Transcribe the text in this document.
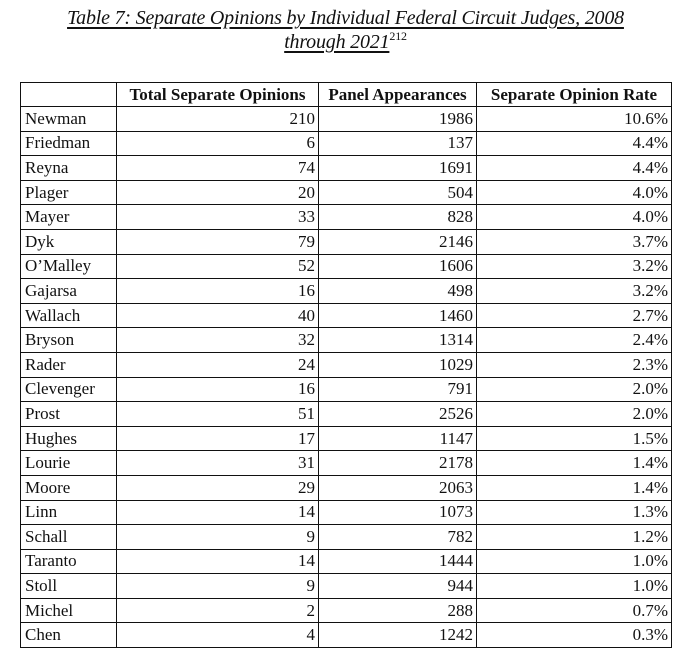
Table 7: Separate Opinions by Individual Federal Circuit Judges, 2008
through 2021212
	Total Separate Opinions	Panel Appearances	Separate Opinion Rate
Newman	210	1986	10.6%
Friedman	6	137	4.4%
Reyna	74	1691	4.4%
Plager	20	504	4.0%
Mayer	33	828	4.0%
Dyk	79	2146	3.7%
O’Malley	52	1606	3.2%
Gajarsa	16	498	3.2%
Wallach	40	1460	2.7%
Bryson	32	1314	2.4%
Rader	24	1029	2.3%
Clevenger	16	791	2.0%
Prost	51	2526	2.0%
Hughes	17	1147	1.5%
Lourie	31	2178	1.4%
Moore	29	2063	1.4%
Linn	14	1073	1.3%
Schall	9	782	1.2%
Taranto	14	1444	1.0%
Stoll	9	944	1.0%
Michel	2	288	0.7%
Chen	4	1242	0.3%
